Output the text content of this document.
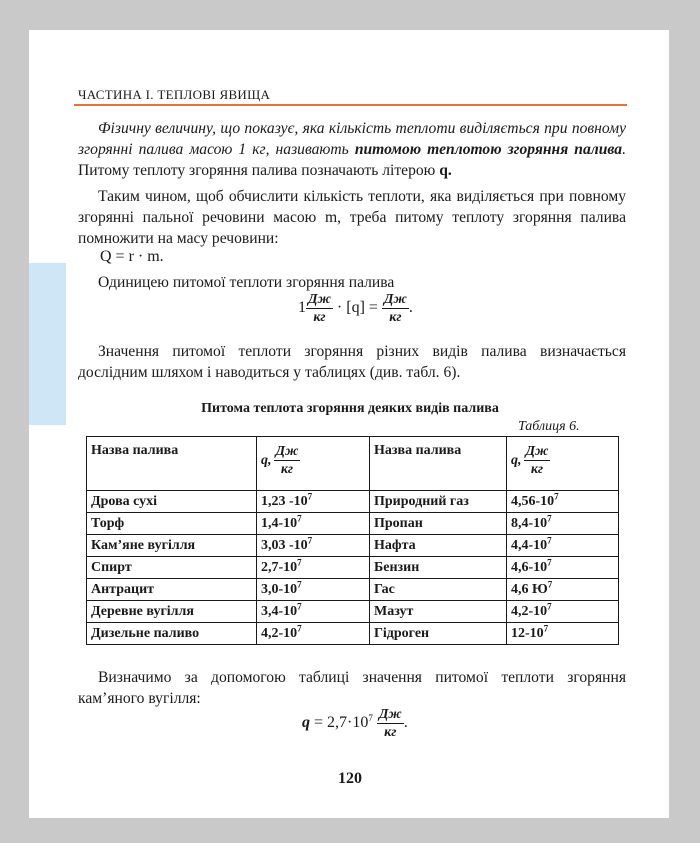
ЧАСТИНА І. ТЕПЛОВІ ЯВИЩА
Фізичну величину, що показує, яка кількість теплоти виділяється при повному згорянні палива масою 1 кг, називають питомою теплотою згоряння палива. Питому теплоту згоряння палива позначають літерою q.
Таким чином, щоб обчислити кількість теплоти, яка виділяється при повному згорянні пальної речовини масою m, треба питому теплоту згоряння палива помножити на масу речовини:
Q = r · m.
Одиницею питомої теплоти згоряння палива
$1 \frac{Дж}{кг} \cdot [q] = \frac{Дж}{кг}$ .
Значення питомої теплоти згоряння різних видів палива визначається дослідним шляхом і наводиться у таблицях (див. табл. 6).
Питома теплота згоряння деяких видів палива
Таблиця 6.
Назва палива	q, $\frac{Дж}{кг}$	Назва палива	q, $\frac{Дж}{кг}$

Дрова сухі	1,23 $-10^7$	Природний газ	$4,56-10^7$
Торф	$1,4-10^7$	Пропан	$8,4-10^7$
Кам’яне вугілля	3,03 $-10^7$	Нафта	$4,4-10^7$
Спирт	$2,7-10^7$	Бензин	$4,6-10^7$
Антрацит	$3,0-10^7$	Гас	4,6 $Ю^7$
Деревне вугілля	$3,4-10^7$	Мазут	$4,2-10^7$
Дизельне паливо	$4,2-10^7$	Гідроген	$12-10^7$
Визначимо за допомогою таблиці значення питомої теплоти згоряння кам’яного вугілля:
$q = 2,7\cdot 10^7 \frac{Дж}{кг}$ .
120
